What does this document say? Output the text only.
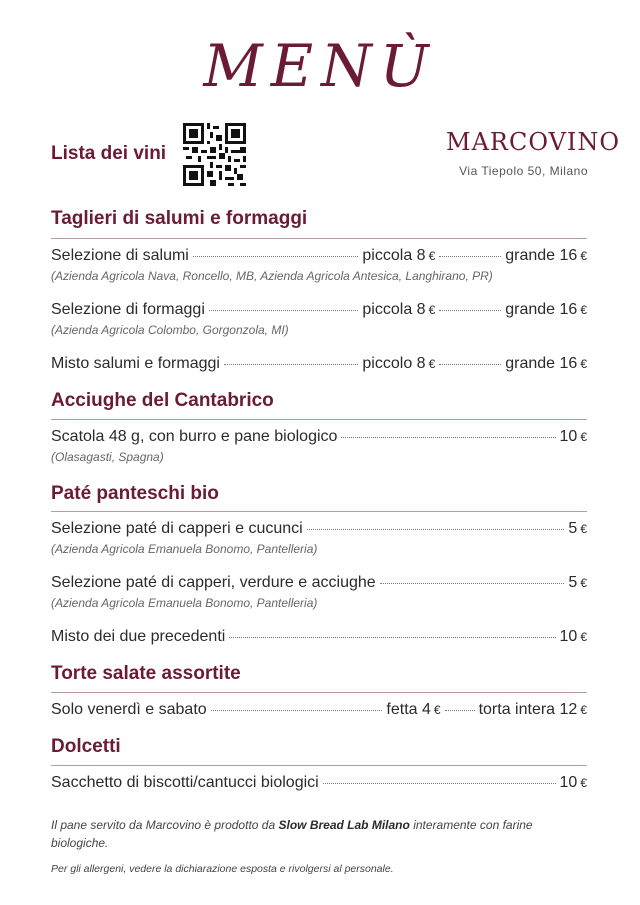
MENÙ
Lista dei vini	MARCOVINO
Via Tiepolo 50, Milano
Taglieri di salumi e formaggi
Selezione di salumi	piccola 8 €	grande 16 €
(Azienda Agricola Nava, Roncello, MB, Azienda Agricola Antesica, Langhirano, PR)
Selezione di formaggi	piccola 8 €	grande 16 €
(Azienda Agricola Colombo, Gorgonzola, MI)
Misto salumi e formaggi	piccolo 8 €	grande 16 €
Acciughe del Cantabrico
Scatola 48 g, con burro e pane biologico	10 €
(Olasagasti, Spagna)
Paté panteschi bio
Selezione paté di capperi e cucunci	5 €
(Azienda Agricola Emanuela Bonomo, Pantelleria)
Selezione paté di capperi, verdure e acciughe	5 €
(Azienda Agricola Emanuela Bonomo, Pantelleria)
Misto dei due precedenti	10 €
Torte salate assortite
Solo venerdì e sabato	fetta 4 € torta intera 12 €
Dolcetti
Sacchetto di biscotti/cantucci biologici	10 €
Il pane servito da Marcovino è prodotto da Slow Bread Lab Milano interamente con farine biologiche.
Per gli allergeni, vedere la dichiarazione esposta e rivolgersi al personale.
